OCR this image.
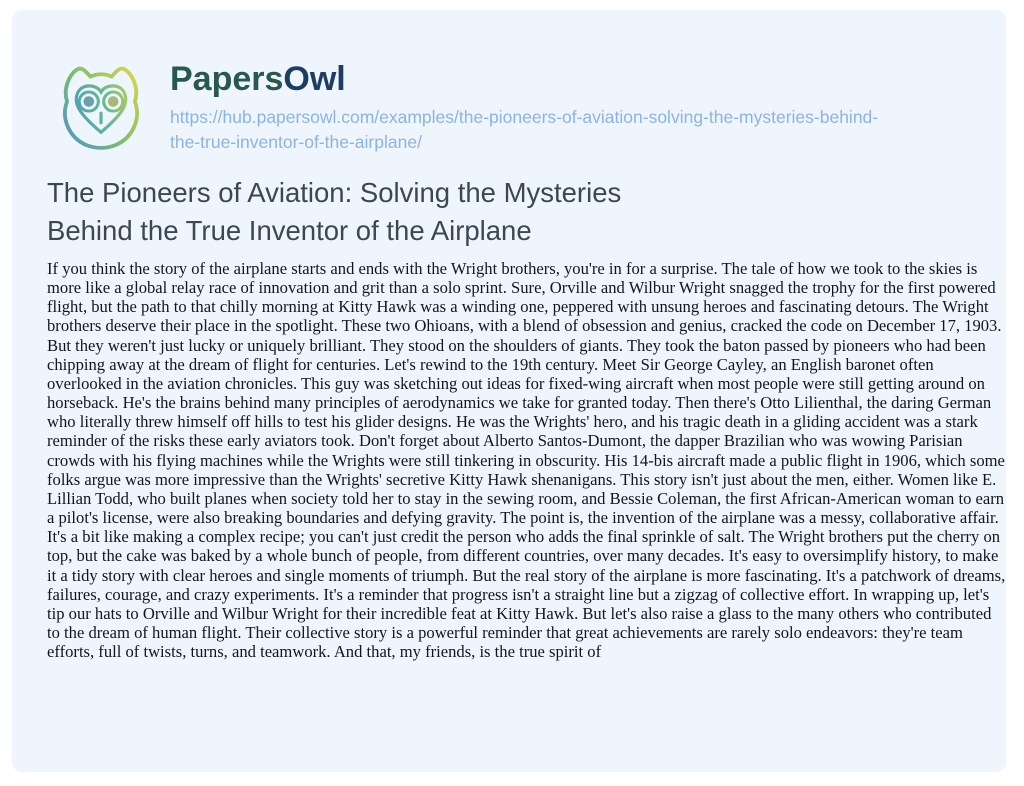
PapersOwl
https://hub.papersowl.com/examples/the-pioneers-of-aviation-solving-the-mysteries-behind-
the-true-inventor-of-the-airplane/
The Pioneers of Aviation: Solving the Mysteries
Behind the True Inventor of the Airplane

If you think the story of the airplane starts and ends with the Wright brothers, you're in for a surprise. The tale of how we took to the skies is more like a global relay race of innovation and grit than a solo sprint. Sure, Orville and Wilbur Wright snagged the trophy for the first powered flight, but the path to that chilly morning at Kitty Hawk was a winding one, peppered with unsung heroes and fascinating detours. The Wright brothers deserve their place in the spotlight. These two Ohioans, with a blend of obsession and genius, cracked the code on December 17, 1903. But they weren't just lucky or uniquely brilliant. They stood on the shoulders of giants. They took the baton passed by pioneers who had been chipping away at the dream of flight for centuries. Let's rewind to the 19th century. Meet Sir George Cayley, an English baronet often overlooked in the aviation chronicles. This guy was sketching out ideas for fixed-wing aircraft when most people were still getting around on horseback. He's the brains behind many principles of aerodynamics we take for granted today. Then there's Otto Lilienthal, the daring German who literally threw himself off hills to test his glider designs. He was the Wrights' hero, and his tragic death in a gliding accident was a stark reminder of the risks these early aviators took. Don't forget about Alberto Santos-Dumont, the dapper Brazilian who was wowing Parisian crowds with his flying machines while the Wrights were still tinkering in obscurity. His 14-bis aircraft made a public flight in 1906, which some folks argue was more impressive than the Wrights' secretive Kitty Hawk shenanigans. This story isn't just about the men, either. Women like E. Lillian Todd, who built planes when society told her to stay in the sewing room, and Bessie Coleman, the first African-American woman to earn a pilot's license, were also breaking boundaries and defying gravity. The point is, the invention of the airplane was a messy, collaborative affair. It's a bit like making a complex recipe; you can't just credit the person who adds the final sprinkle of salt. The Wright brothers put the cherry on top, but the cake was baked by a whole bunch of people, from different countries, over many decades. It's easy to oversimplify history, to make it a tidy story with clear heroes and single moments of triumph. But the real story of the airplane is more fascinating. It's a patchwork of dreams, failures, courage, and crazy experiments. It's a reminder that progress isn't a straight line but a zigzag of collective effort. In wrapping up, let's tip our hats to Orville and Wilbur Wright for their incredible feat at Kitty Hawk. But let's also raise a glass to the many others who contributed to the dream of human flight. Their collective story is a powerful reminder that great achievements are rarely solo endeavors: they're team efforts, full of twists, turns, and teamwork. And that, my friends, is the true spirit of
